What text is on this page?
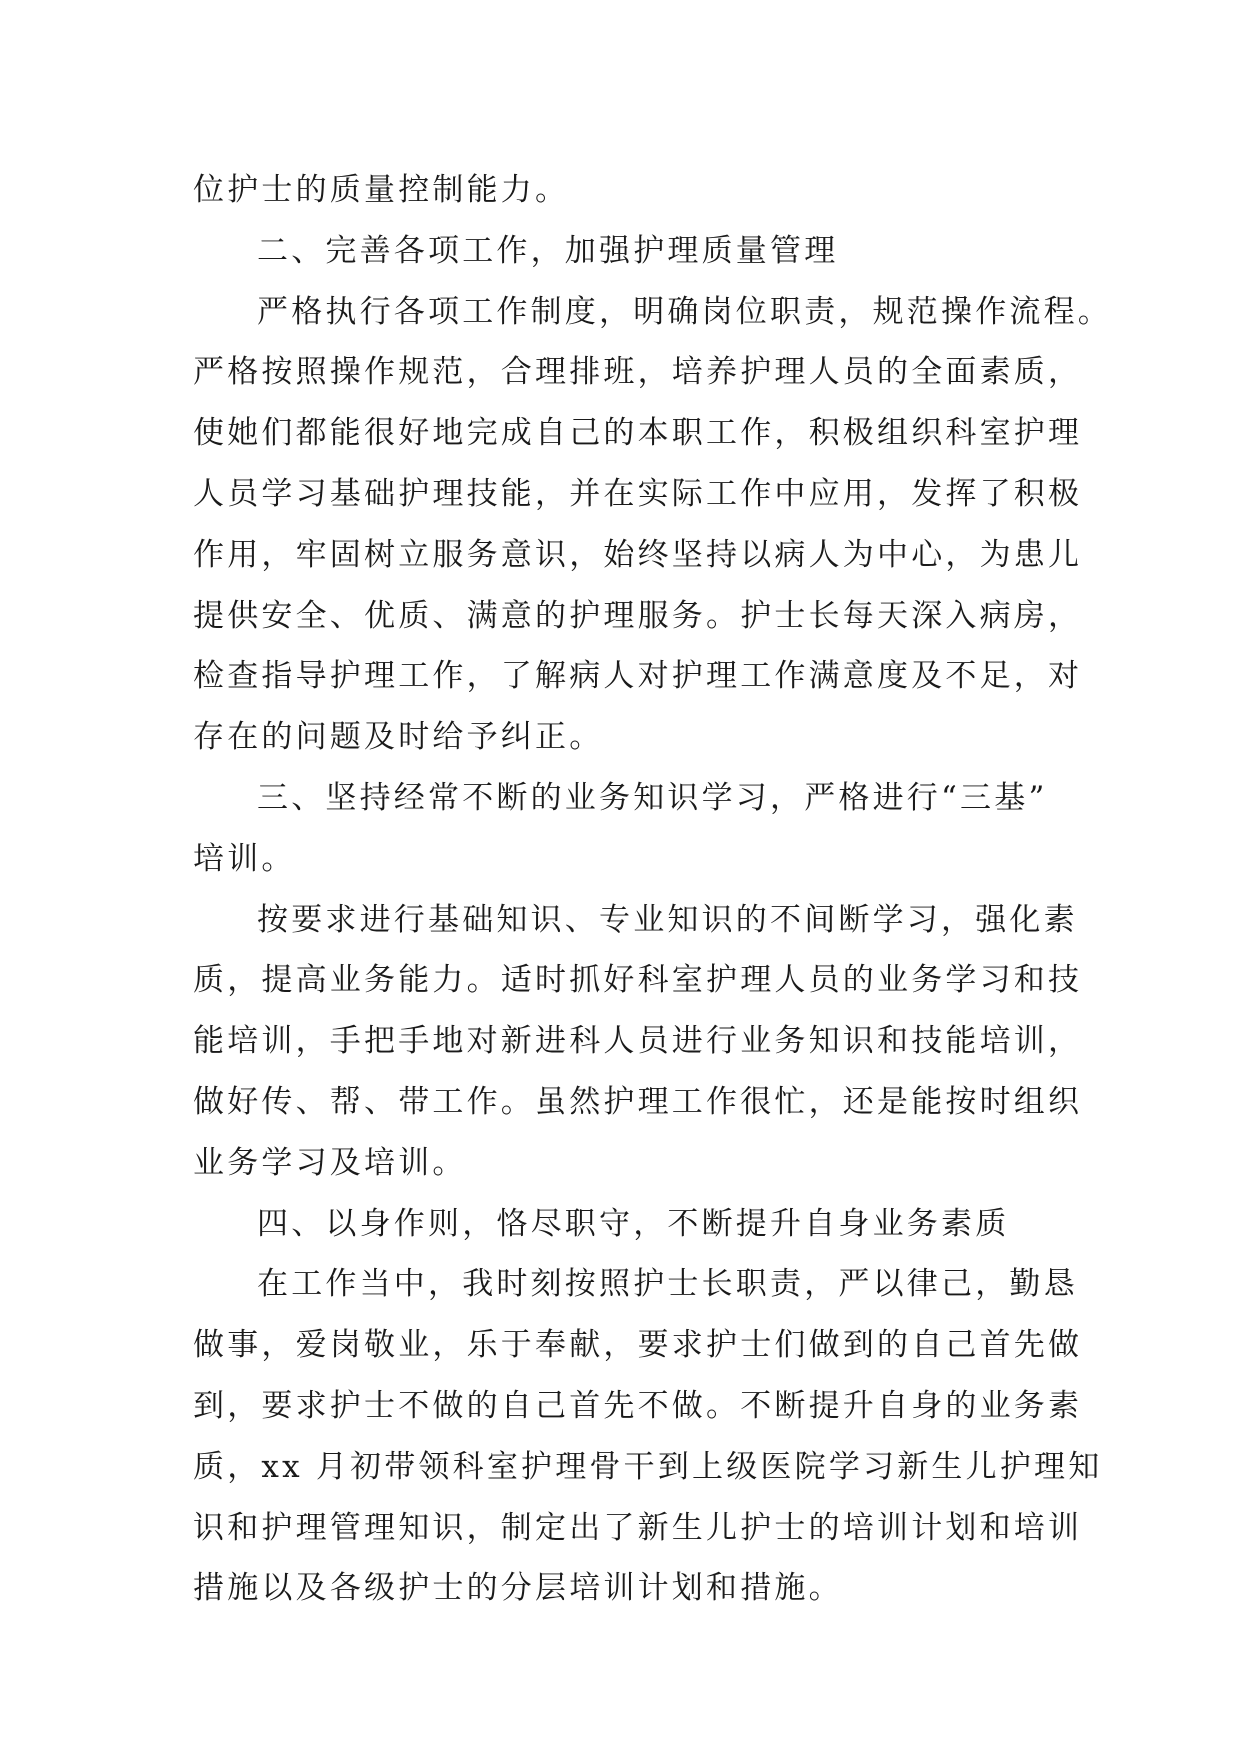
位护士的质量控制能力。
二、完善各项工作，加强护理质量管理
严格执行各项工作制度，明确岗位职责，规范操作流程。
严格按照操作规范，合理排班，培养护理人员的全面素质，
使她们都能很好地完成自己的本职工作，积极组织科室护理
人员学习基础护理技能，并在实际工作中应用，发挥了积极
作用，牢固树立服务意识，始终坚持以病人为中心，为患儿
提供安全、优质、满意的护理服务。护士长每天深入病房，
检查指导护理工作，了解病人对护理工作满意度及不足，对
存在的问题及时给予纠正。
三、坚持经常不断的业务知识学习，严格进行“三基”
培训。
按要求进行基础知识、专业知识的不间断学习，强化素
质，提高业务能力。适时抓好科室护理人员的业务学习和技
能培训，手把手地对新进科人员进行业务知识和技能培训，
做好传、帮、带工作。虽然护理工作很忙，还是能按时组织
业务学习及培训。
四、以身作则，恪尽职守，不断提升自身业务素质
在工作当中，我时刻按照护士长职责，严以律己，勤恳
做事，爱岗敬业，乐于奉献，要求护士们做到的自己首先做
到，要求护士不做的自己首先不做。不断提升自身的业务素
质，xx 月初带领科室护理骨干到上级医院学习新生儿护理知
识和护理管理知识，制定出了新生儿护士的培训计划和培训
措施以及各级护士的分层培训计划和措施。
